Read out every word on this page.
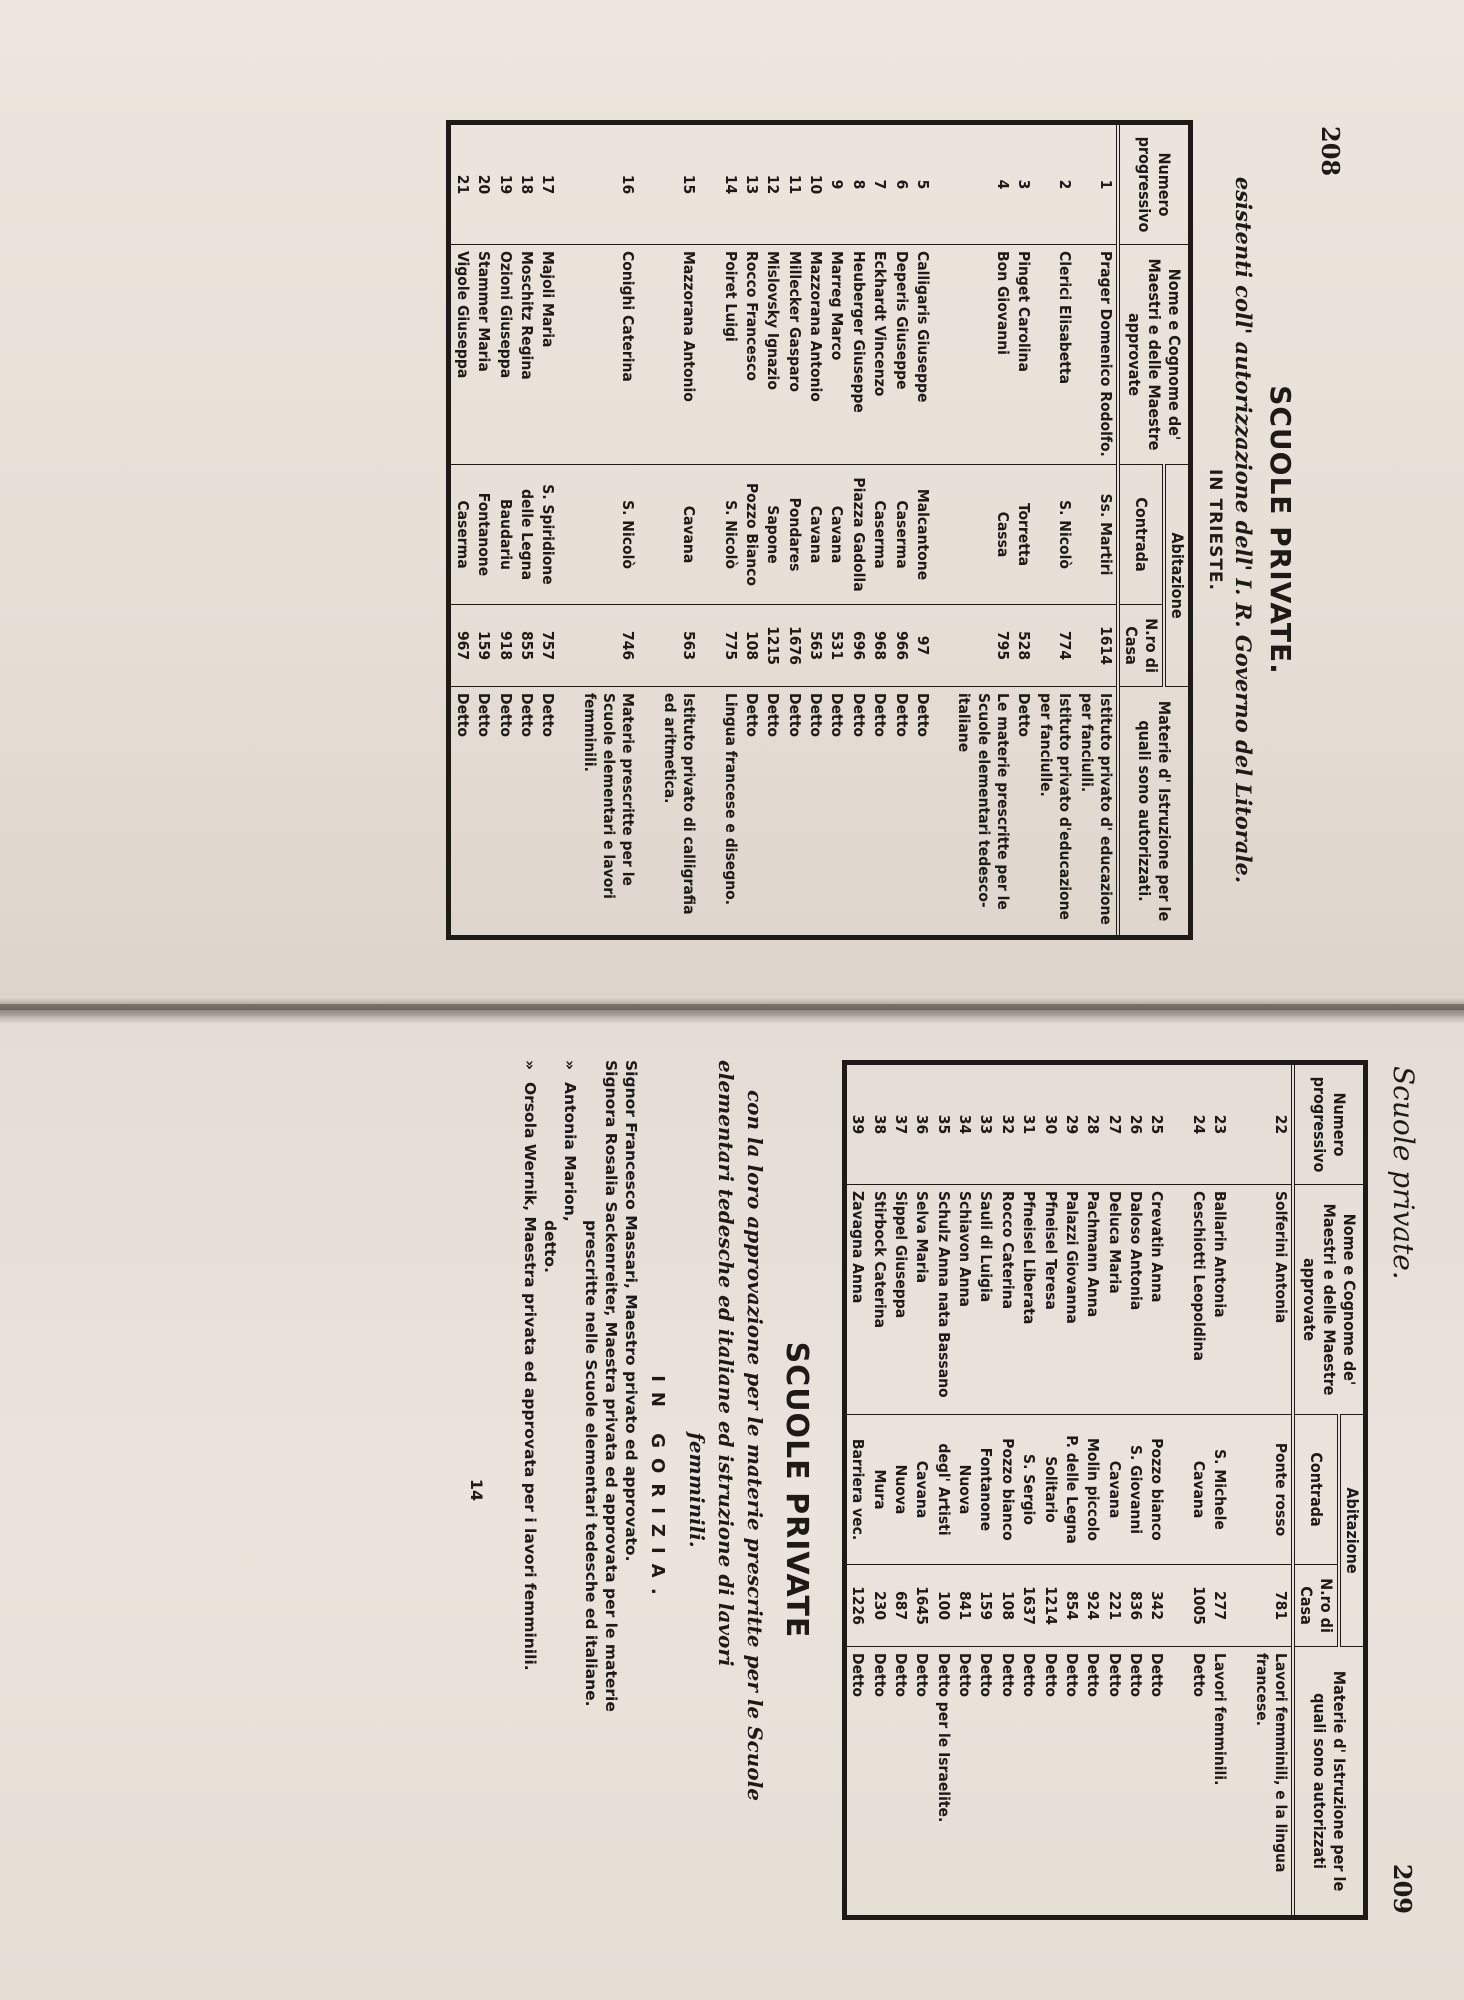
208
SCUOLE PRIVATE.
esistenti coll' autorizzazione dell' I. R. Governo del Litorale.
IN TRIESTE.
Numero progressivo	Nome e Cognome de' Maestri e delle Maestre approvate	Abitazione		Materie d' Istruzione per le quali sono autorizzati.
		Contrada	N.ro di Casa	
1	Prager Domenico Rodolfo.	Ss. Martiri	1614	Istituto privato d' educazione per fanciulli.
2	Clerici Elisabetta	S. Nicolò	774	Istituto privato d'educazione per fanciulle.
3	Pinget Carolina	Torretta	528	Detto
4	Bon Giovanni	Cassa	795	Le materie prescritte per le Scuole elementari tedesco-italiane

5	Calligaris Giuseppe	Malcantone	97	Detto
6	Deperis Giuseppe	Caserma	966	Detto
7	Eckhardt Vincenzo	Caserma	968	Detto
8	Heuberger Giuseppe	Piazza Gadolla	696	Detto
9	Marreg Marco	Cavana	531	Detto
10	Mazzorana Antonio	Cavana	563	Detto
11	Millecker Gasparo	Pondares	1676	Detto
12	Mislovsky Ignazio	Sapone	1215	Detto
13	Rocco Francesco	Pozzo Bianco	108	Detto
14	Poiret Luigi	S. Nicolò	775	Lingua francese e disegno.

15	Mazzorana Antonio	Cavana	563	Istituto privato di calligrafia ed aritmetica.

16	Conighi Caterina	S. Nicolò	746	Materie prescritte per le Scuole elementari e lavori femminili.

17	Majoli Maria	S. Spiridione	757	Detto
18	Moschitz Regina	delle Legna	855	Detto
19	Ozioni Giuseppa	Baudariu	918	Detto
20	Stammer Maria	Fontanone	159	Detto
21	Vigole Giuseppa	Caserma	967	Detto
Scuole private.
209
Numero progressivo	Nome e Cognome de' Maestri e delle Maestre approvate	Abitazione		Materie d' Istruzione per le quali sono autorizzati
		Contrada	N.ro di Casa	
22	Solferini Antonia	Ponte rosso	781	Lavori femminili, e la lingua francese.

23	Ballarin Antonia	S. Michele	277	Lavori femminili.
24	Ceschiotti Leopoldina	Cavana	1005	Detto

25	Crevatin Anna	Pozzo bianco	342	Detto
26	Daloso Antonia	S. Giovanni	836	Detto
27	Deluca Maria	Cavana	221	Detto
28	Pachmann Anna	Molin piccolo	924	Detto
29	Palazzi Giovanna	P. delle Legna	854	Detto
30	Pfneisel Teresa	Solitario	1214	Detto
31	Pfneisel Liberata	S. Sergio	1637	Detto
32	Rocco Caterina	Pozzo bianco	108	Detto
33	Sauli di Luigia	Fontanone	159	Detto
34	Schiavon Anna	Nuova	841	Detto
35	Schulz Anna nata Bassano	degl' Artisti	100	Detto per le Israelite.
36	Selva Maria	Cavana	1645	Detto
37	Sippel Giuseppa	Nuova	687	Detto
38	Stirbock Caterina	Mura	230	Detto
39	Zavagna Anna	Barriera vec.	1226	Detto
SCUOLE PRIVATE
con la loro approvazione per le materie prescritte per le Scuole elementari tedesche ed italiane ed istruzione di lavori
femminili.
IN GORIZIA.
Signor Francesco Massari, Maestro privato ed approvato.
Signora Rosalia Sackenreiter, Maestra privata ed approvata per le materie
prescritte nelle Scuole elementari tedesche ed italiane.
»Antonia Marion,
detto.
»Orsola Wernik, Maestra privata ed approvata per i lavori femminili.
14
